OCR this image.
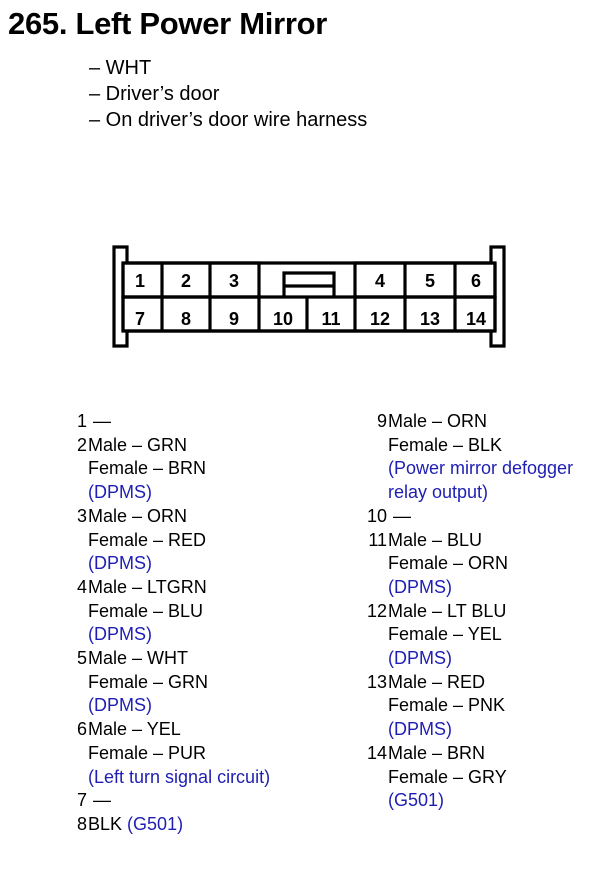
265. Left Power Mirror
– WHT
– Driver’s door
– On driver’s door wire harness
1 2 3	4 5 6
7 8 9 10 11 12 13 14
1 —
2 Male – GRN
Female – BRN
(DPMS)
3 Male – ORN
Female – RED
(DPMS)
4 Male – LTGRN
Female – BLU
(DPMS)
5 Male – WHT
Female – GRN
(DPMS)
6 Male – YEL
Female – PUR
(Left turn signal circuit)
7 —
8 BLK (G501)
9 Male – ORN
Female – BLK
(Power mirror defogger
relay output)
10 —
11 Male – BLU
Female – ORN
(DPMS)
12 Male – LT BLU
Female – YEL
(DPMS)
13 Male – RED
Female – PNK
(DPMS)
14 Male – BRN
Female – GRY
(G501)
